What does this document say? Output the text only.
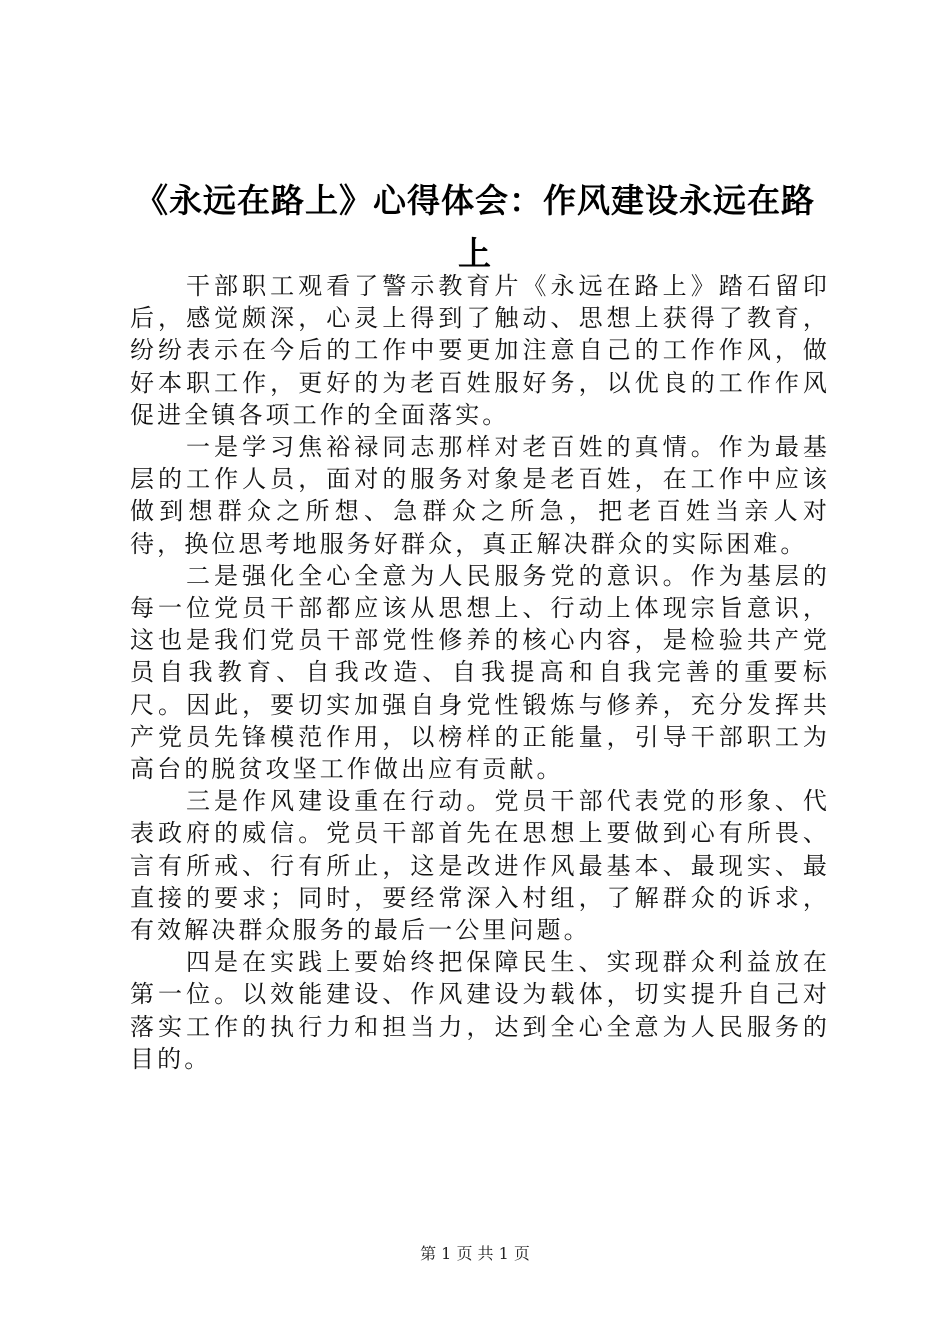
《永远在路上》心得体会：作风建设永远在路上

干部职工观看了警示教育片《永远在路上》踏石留印后，感觉颇深，心灵上得到了触动、思想上获得了教育，纷纷表示在今后的工作中要更加注意自己的工作作风，做好本职工作，更好的为老百姓服好务，以优良的工作作风促进全镇各项工作的全面落实。

一是学习焦裕禄同志那样对老百姓的真情。作为最基层的工作人员，面对的服务对象是老百姓，在工作中应该做到想群众之所想、急群众之所急，把老百姓当亲人对待，换位思考地服务好群众，真正解决群众的实际困难。

二是强化全心全意为人民服务党的意识。作为基层的每一位党员干部都应该从思想上、行动上体现宗旨意识，这也是我们党员干部党性修养的核心内容，是检验共产党员自我教育、自我改造、自我提高和自我完善的重要标尺。因此，要切实加强自身党性锻炼与修养，充分发挥共产党员先锋模范作用，以榜样的正能量，引导干部职工为高台的脱贫攻坚工作做出应有贡献。

三是作风建设重在行动。党员干部代表党的形象、代表政府的威信。党员干部首先在思想上要做到心有所畏、言有所戒、行有所止，这是改进作风最基本、最现实、最直接的要求；同时，要经常深入村组，了解群众的诉求，有效解决群众服务的最后一公里问题。

四是在实践上要始终把保障民生、实现群众利益放在第一位。以效能建设、作风建设为载体，切实提升自己对落实工作的执行力和担当力，达到全心全意为人民服务的目的。

第 1 页 共 1 页
